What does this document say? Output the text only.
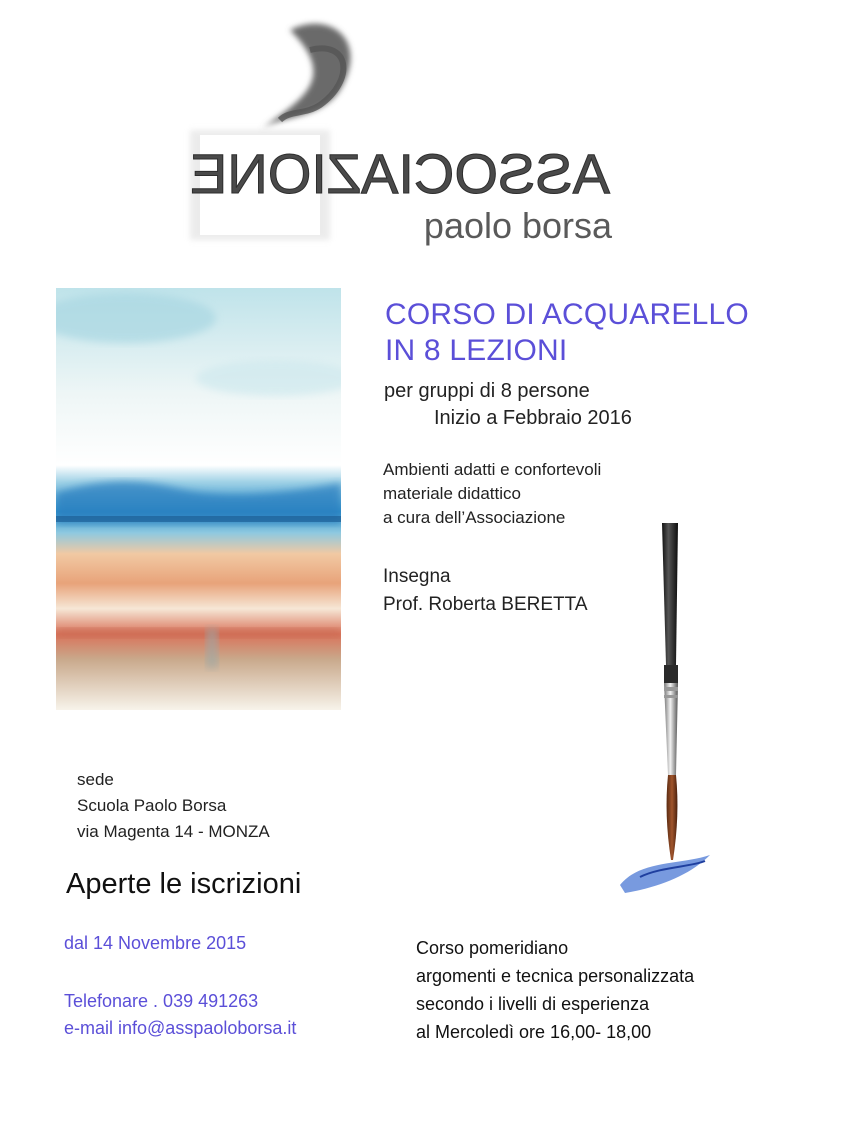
ASSOCIAZIONE
paolo borsa
CORSO DI ACQUARELLO
IN 8 LEZIONI
per gruppi di 8 persone
Inizio a Febbraio 2016
Ambienti adatti e confortevoli
materiale didattico
a cura dell’Associazione
Insegna
Prof. Roberta BERETTA
sede
Scuola Paolo Borsa
via Magenta 14 - MONZA
Aperte le iscrizioni
dal 14 Novembre 2015
Telefonare . 039 491263
e-mail info@asspaoloborsa.it
Corso pomeridiano
argomenti e tecnica personalizzata
secondo i livelli di esperienza
al Mercoledì ore 16,00- 18,00
